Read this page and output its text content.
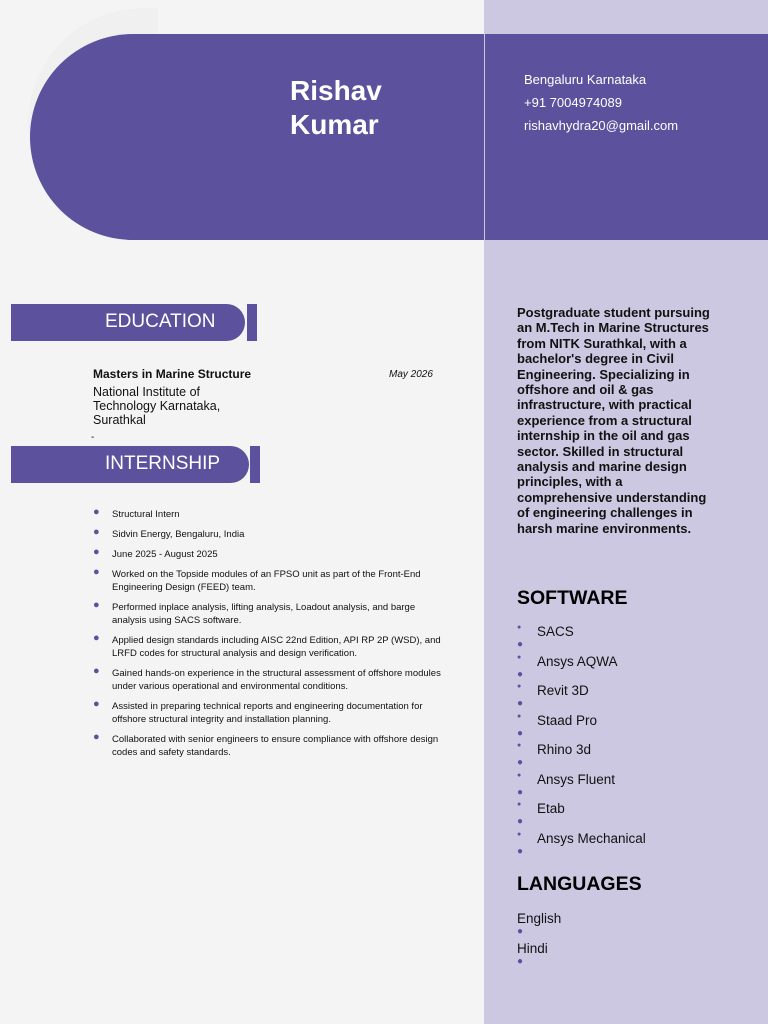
Rishav
Kumar
Bengaluru Karnataka
+91 7004974089
rishavhydra20@gmail.com
EDUCATION
Masters in Marine Structure	May 2026
National Institute of Technology Karnataka, Surathkal
-
INTERNSHIP
● Structural Intern
● Sidvin Energy, Bengaluru, India
● June 2025 - August 2025
● Worked on the Topside modules of an FPSO unit as part of the Front-End Engineering Design (FEED) team.
● Performed inplace analysis, lifting analysis, Loadout analysis, and barge analysis using SACS software.
● Applied design standards including AISC 22nd Edition, API RP 2P (WSD), and LRFD codes for structural analysis and design verification.
● Gained hands-on experience in the structural assessment of offshore modules under various operational and environmental conditions.
● Assisted in preparing technical reports and engineering documentation for offshore structural integrity and installation planning.
● Collaborated with senior engineers to ensure compliance with offshore design codes and safety standards.
Postgraduate student pursuing an M.Tech in Marine Structures from NITK Surathkal, with a bachelor's degree in Civil Engineering. Specializing in offshore and oil & gas infrastructure, with practical experience from a structural internship in the oil and gas sector. Skilled in structural analysis and marine design principles, with a comprehensive understanding of engineering challenges in harsh marine environments.
SOFTWARE
● SACS
●
● Ansys AQWA
●
● Revit 3D
●
● Staad Pro
●
● Rhino 3d
●
● Ansys Fluent
●
● Etab
●
● Ansys Mechanical
●
LANGUAGES
English
●
Hindi
●
